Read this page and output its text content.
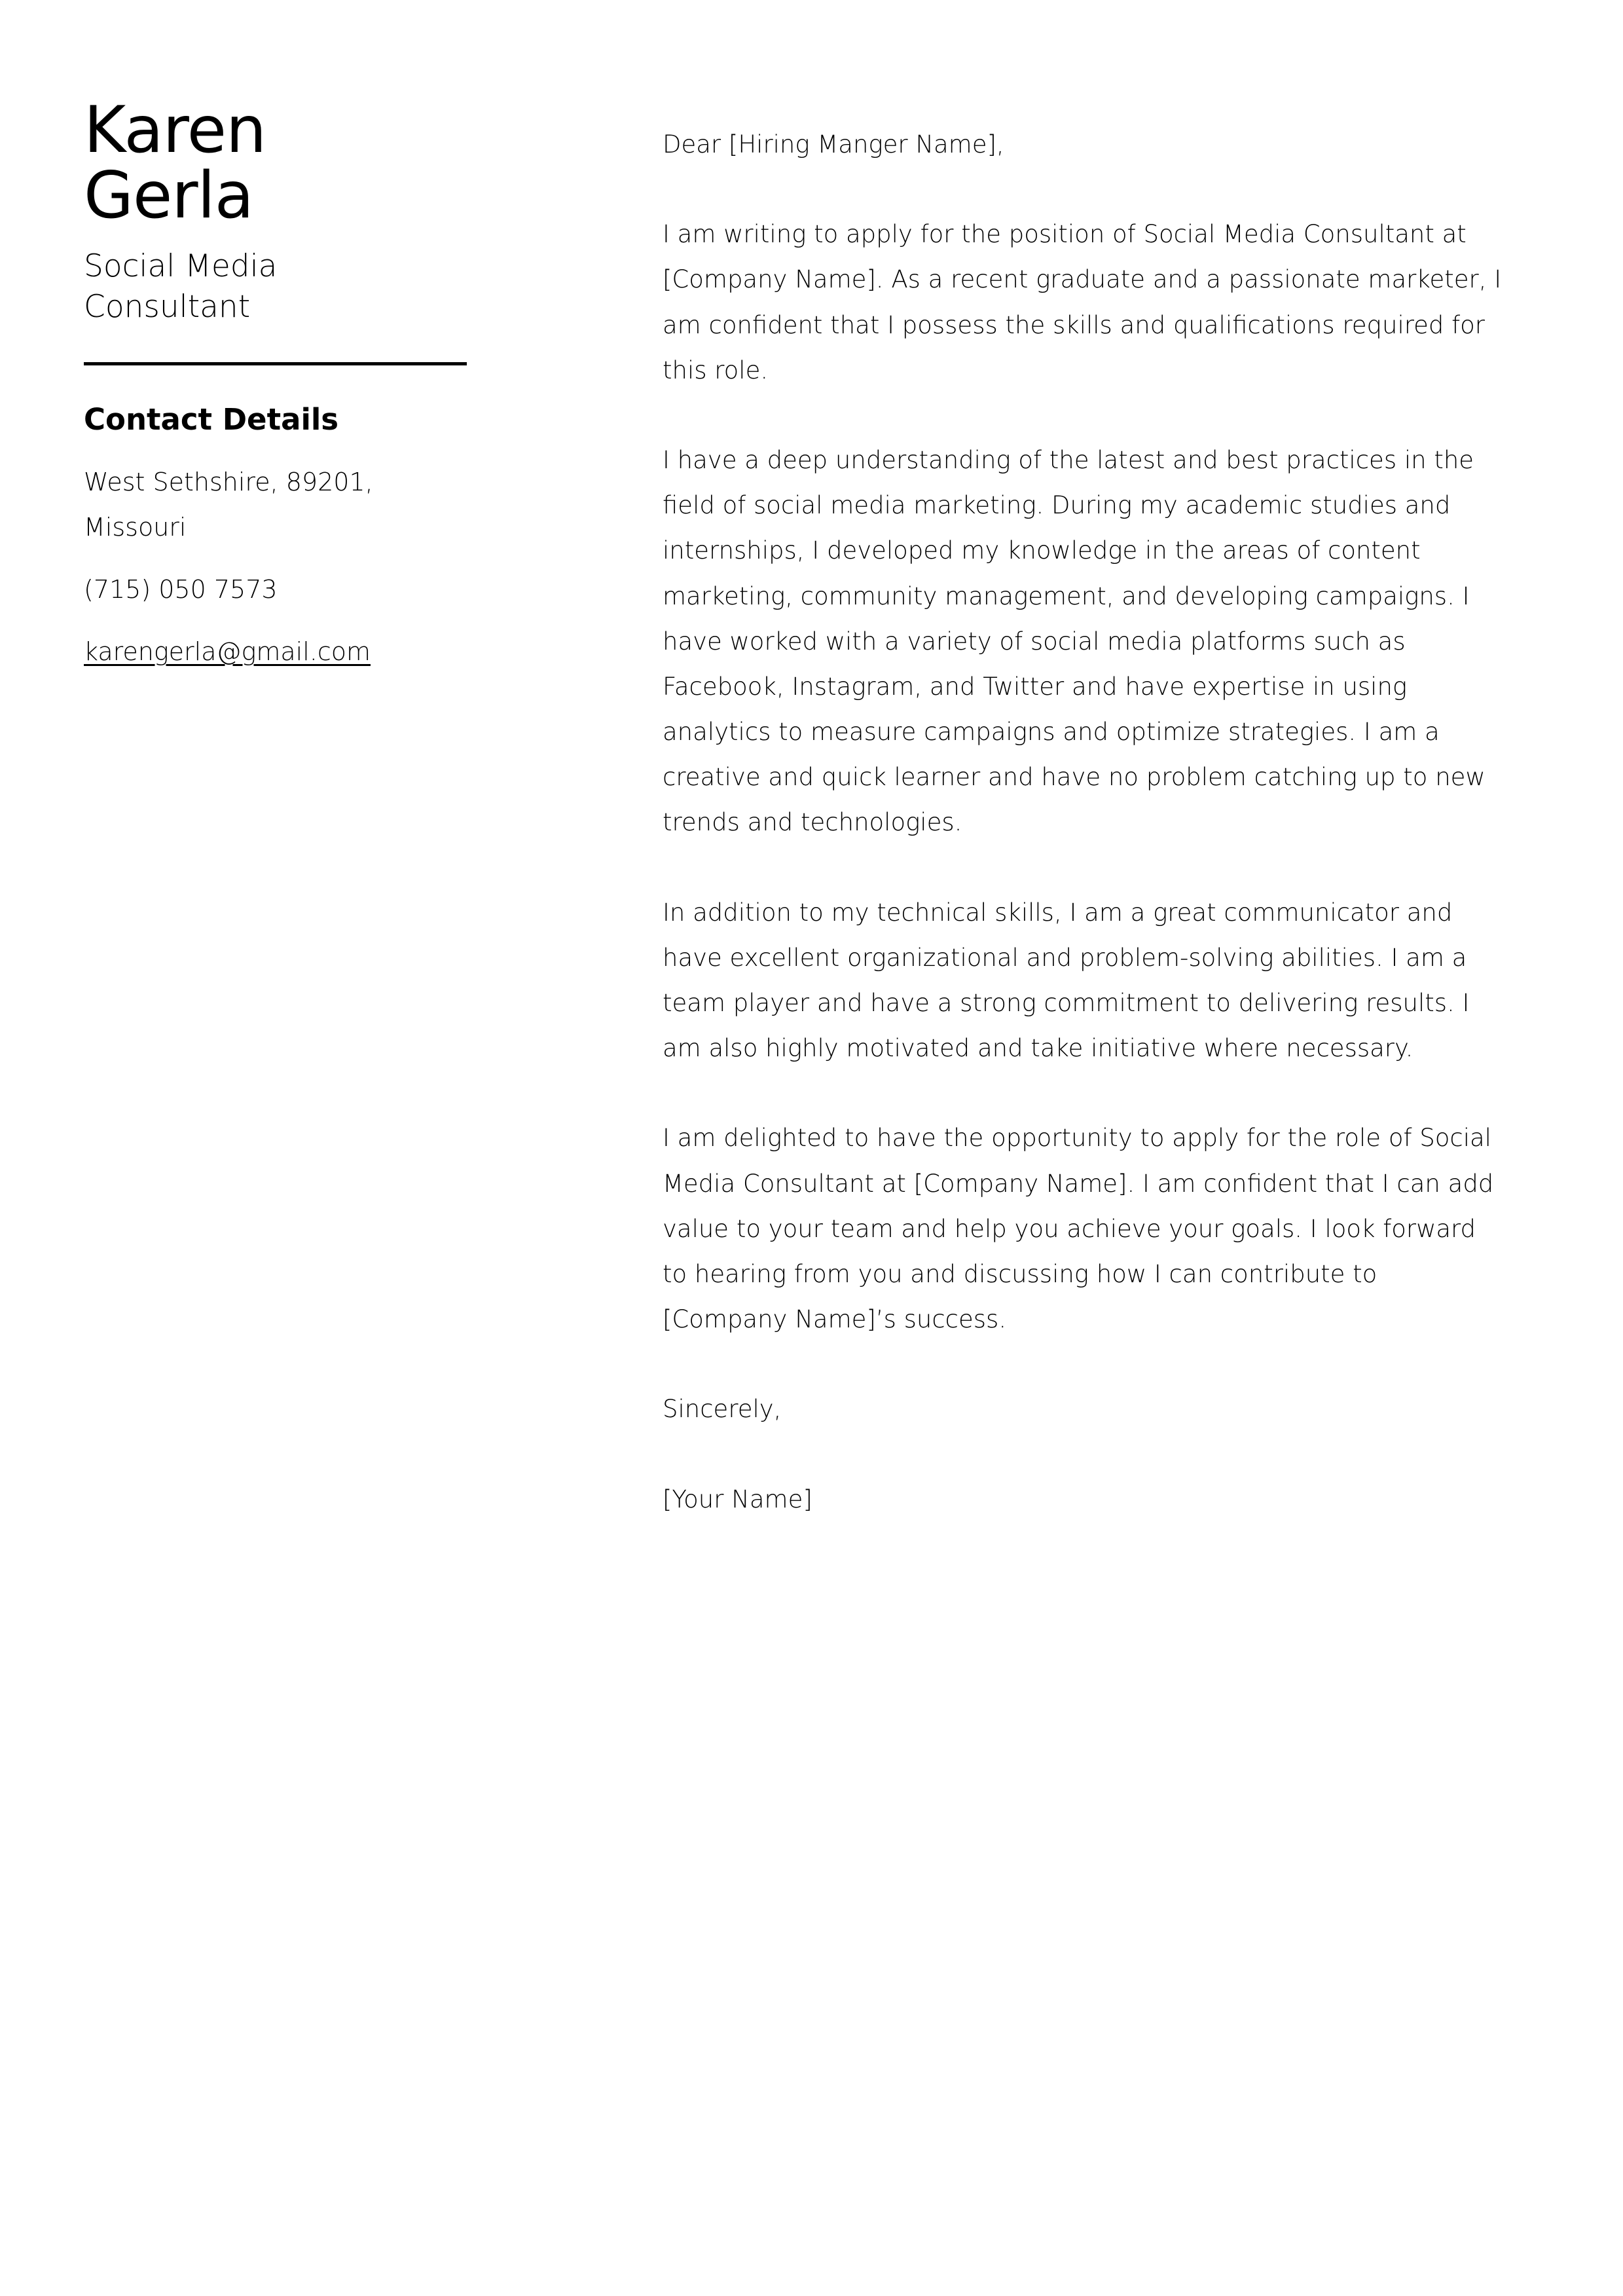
Karen
Gerla
Social Media Consultant
Contact Details
West Sethshire, 89201, Missouri
(715) 050 7573
karengerla@gmail.com

Dear [Hiring Manger Name],

I am writing to apply for the position of Social Media Consultant at [Company Name]. As a recent graduate and a passionate marketer, I am confident that I possess the skills and qualifications required for this role.

I have a deep understanding of the latest and best practices in the field of social media marketing. During my academic studies and internships, I developed my knowledge in the areas of content marketing, community management, and developing campaigns. I have worked with a variety of social media platforms such as Facebook, Instagram, and Twitter and have expertise in using analytics to measure campaigns and optimize strategies. I am a creative and quick learner and have no problem catching up to new trends and technologies.

In addition to my technical skills, I am a great communicator and have excellent organizational and problem-solving abilities. I am a team player and have a strong commitment to delivering results. I am also highly motivated and take initiative where necessary.

I am delighted to have the opportunity to apply for the role of Social Media Consultant at [Company Name]. I am confident that I can add value to your team and help you achieve your goals. I look forward to hearing from you and discussing how I can contribute to [Company Name]’s success.

Sincerely,

[Your Name]
